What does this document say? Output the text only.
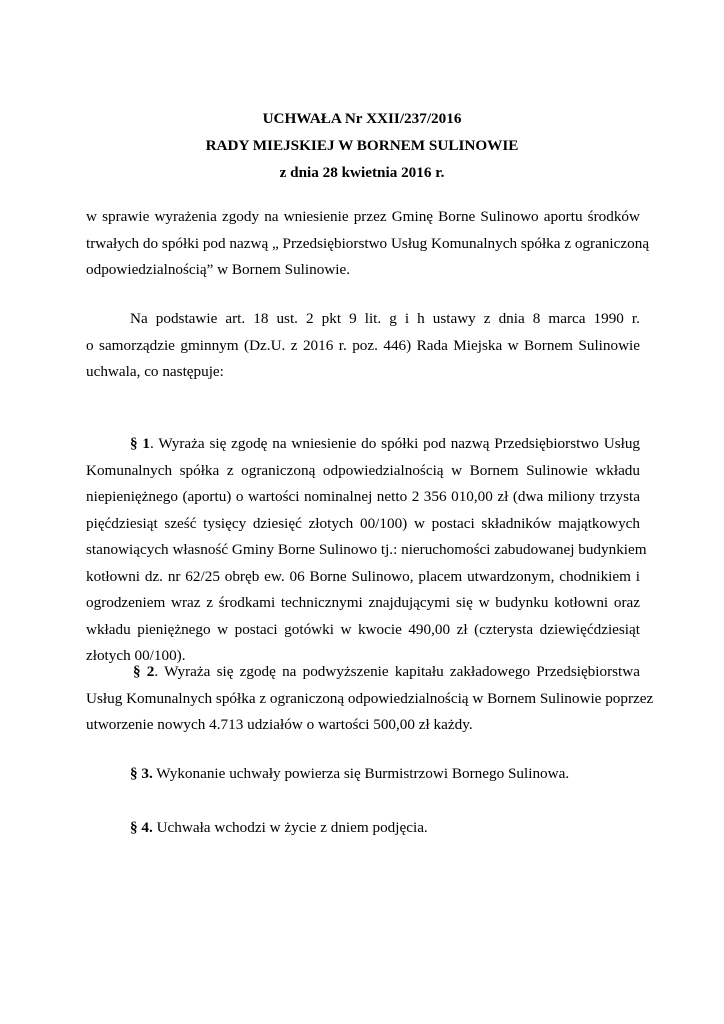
UCHWAŁA Nr XXII/237/2016
RADY MIEJSKIEJ W BORNEM SULINOWIE
z dnia 28 kwietnia 2016 r.
w sprawie wyrażenia zgody na wniesienie przez Gminę Borne Sulinowo aportu środków
trwałych do spółki pod nazwą „ Przedsiębiorstwo Usług Komunalnych spółka z ograniczoną
odpowiedzialnością” w Bornem Sulinowie.
Na podstawie art. 18 ust. 2 pkt 9 lit. g i h ustawy z dnia 8 marca 1990 r.
o samorządzie gminnym (Dz.U. z 2016 r. poz. 446) Rada Miejska w Bornem Sulinowie
uchwala, co następuje:
§ 1. Wyraża się zgodę na wniesienie do spółki pod nazwą Przedsiębiorstwo Usług
Komunalnych spółka z ograniczoną odpowiedzialnością w Bornem Sulinowie wkładu
niepieniężnego (aportu) o wartości nominalnej netto 2 356 010,00 zł (dwa miliony trzysta
pięćdziesiąt sześć tysięcy dziesięć złotych 00/100) w postaci składników majątkowych
stanowiących własność Gminy Borne Sulinowo tj.: nieruchomości zabudowanej budynkiem
kotłowni dz. nr 62/25 obręb ew. 06 Borne Sulinowo, placem utwardzonym, chodnikiem i
ogrodzeniem wraz z środkami technicznymi znajdującymi się w budynku kotłowni oraz
wkładu pieniężnego w postaci gotówki w kwocie 490,00 zł (czterysta dziewięćdziesiąt
złotych 00/100).
§ 2. Wyraża się zgodę na podwyższenie kapitału zakładowego Przedsiębiorstwa
Usług Komunalnych spółka z ograniczoną odpowiedzialnością w Bornem Sulinowie poprzez
utworzenie nowych 4.713 udziałów o wartości 500,00 zł każdy.
§ 3. Wykonanie uchwały powierza się Burmistrzowi Bornego Sulinowa.
§ 4. Uchwała wchodzi w życie z dniem podjęcia.
